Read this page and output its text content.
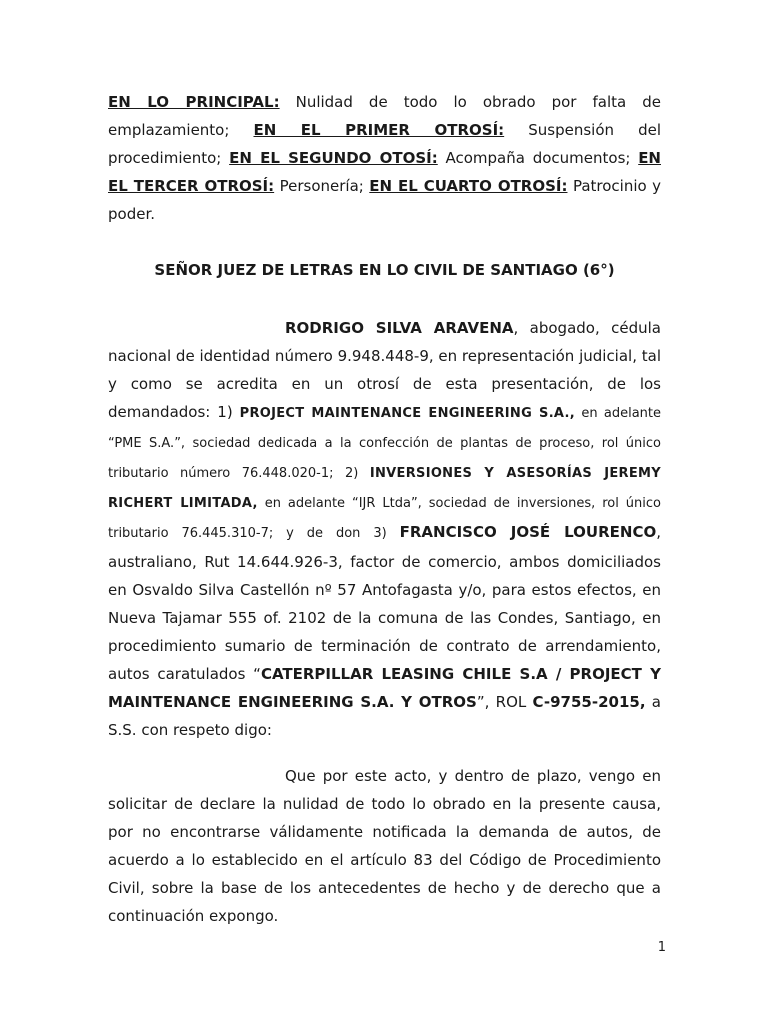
EN LO PRINCIPAL: Nulidad de todo lo obrado por falta de emplazamiento; EN EL PRIMER OTROSÍ: Suspensión del procedimiento; EN EL SEGUNDO OTOSÍ: Acompaña documentos; EN EL TERCER OTROSÍ: Personería; EN EL CUARTO OTROSÍ: Patrocinio y poder.

SEÑOR JUEZ DE LETRAS EN LO CIVIL DE SANTIAGO (6°)

RODRIGO SILVA ARAVENA, abogado, cédula nacional de identidad número 9.948.448-9, en representación judicial, tal y como se acredita en un otrosí de esta presentación, de los demandados: 1) PROJECT MAINTENANCE ENGINEERING S.A., en adelante “PME S.A.”, sociedad dedicada a la confección de plantas de proceso, rol único tributario número 76.448.020-1; 2) INVERSIONES Y ASESORÍAS JEREMY RICHERT LIMITADA, en adelante “IJR Ltda”, sociedad de inversiones, rol único tributario 76.445.310-7; y de don 3) FRANCISCO JOSÉ LOURENCO, australiano, Rut 14.644.926-3, factor de comercio, ambos domiciliados en Osvaldo Silva Castellón nº 57 Antofagasta y/o, para estos efectos, en Nueva Tajamar 555 of. 2102 de la comuna de las Condes, Santiago, en procedimiento sumario de terminación de contrato de arrendamiento, autos caratulados “CATERPILLAR LEASING CHILE S.A / PROJECT Y MAINTENANCE ENGINEERING S.A. Y OTROS”, ROL C-9755-2015, a S.S. con respeto digo:

Que por este acto, y dentro de plazo, vengo en solicitar de declare la nulidad de todo lo obrado en la presente causa, por no encontrarse válidamente notificada la demanda de autos, de acuerdo a lo establecido en el artículo 83 del Código de Procedimiento Civil, sobre la base de los antecedentes de hecho y de derecho que a continuación expongo.

1
